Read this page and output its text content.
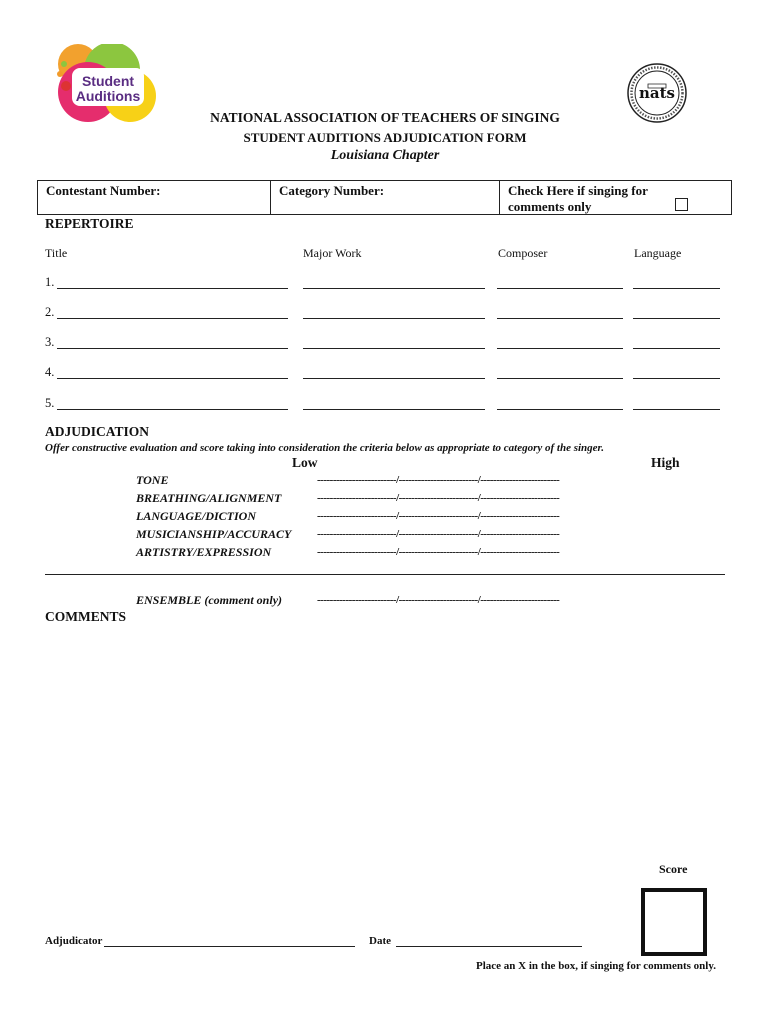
Student
Auditions	nats
NATIONAL ASSOCIATION OF TEACHERS OF SINGING
STUDENT AUDITIONS ADJUDICATION FORM
Louisiana Chapter
Contestant Number:	Category Number:	Check Here if singing for
comments only
REPERTOIRE
Title	Major Work	Composer	Language
1.
2.
3.
4.
5.
ADJUDICATION
Offer constructive evaluation and score taking into consideration the criteria below as appropriate to category of the singer.
Low	High
TONE	-------------------------/-------------------------/-------------------------
BREATHING/ALIGNMENT	-------------------------/-------------------------/-------------------------
LANGUAGE/DICTION	-------------------------/-------------------------/-------------------------
MUSICIANSHIP/ACCURACY -------------------------/-------------------------/-------------------------
ARTISTRY/EXPRESSION	-------------------------/-------------------------/-------------------------
ENSEMBLE (comment only)	-------------------------/-------------------------/-------------------------
COMMENTS
Score
Adjudicator	Date
Place an X in the box, if singing for comments only.
